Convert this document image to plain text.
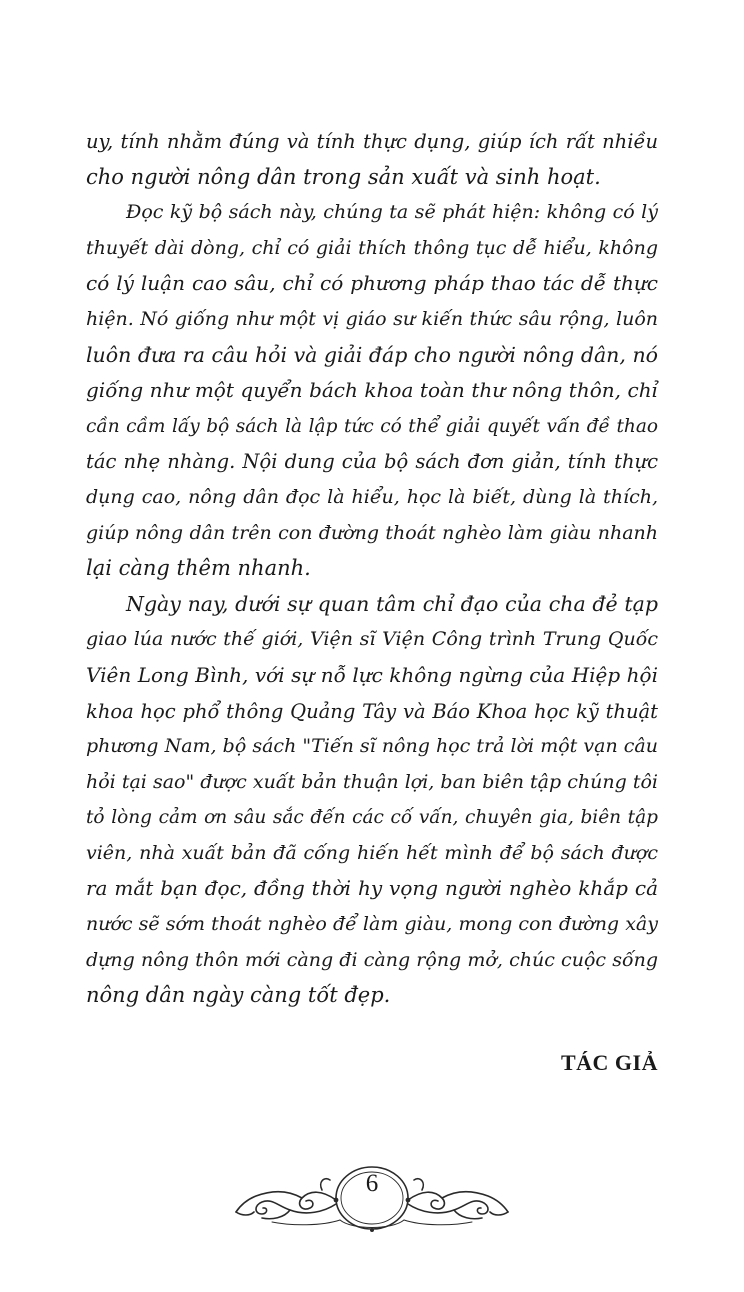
uy, tính nhằm đúng và tính thực dụng, giúp ích rất nhiều
cho người nông dân trong sản xuất và sinh hoạt.
Đọc kỹ bộ sách này, chúng ta sẽ phát hiện: không có lý
thuyết dài dòng, chỉ có giải thích thông tục dễ hiểu, không
có lý luận cao sâu, chỉ có phương pháp thao tác dễ thực
hiện. Nó giống như một vị giáo sư kiến thức sâu rộng, luôn
luôn đưa ra câu hỏi và giải đáp cho người nông dân, nó
giống như một quyển bách khoa toàn thư nông thôn, chỉ
cần cầm lấy bộ sách là lập tức có thể giải quyết vấn đề thao
tác nhẹ nhàng. Nội dung của bộ sách đơn giản, tính thực
dụng cao, nông dân đọc là hiểu, học là biết, dùng là thích,
giúp nông dân trên con đường thoát nghèo làm giàu nhanh
lại càng thêm nhanh.
Ngày nay, dưới sự quan tâm chỉ đạo của cha đẻ tạp
giao lúa nước thế giới, Viện sĩ Viện Công trình Trung Quốc
Viên Long Bình, với sự nỗ lực không ngừng của Hiệp hội
khoa học phổ thông Quảng Tây và Báo Khoa học kỹ thuật
phương Nam, bộ sách "Tiến sĩ nông học trả lời một vạn câu
hỏi tại sao" được xuất bản thuận lợi, ban biên tập chúng tôi
tỏ lòng cảm ơn sâu sắc đến các cố vấn, chuyên gia, biên tập
viên, nhà xuất bản đã cống hiến hết mình để bộ sách được
ra mắt bạn đọc, đồng thời hy vọng người nghèo khắp cả
nước sẽ sớm thoát nghèo để làm giàu, mong con đường xây
dựng nông thôn mới càng đi càng rộng mở, chúc cuộc sống
nông dân ngày càng tốt đẹp.
TÁC GIẢ
6
